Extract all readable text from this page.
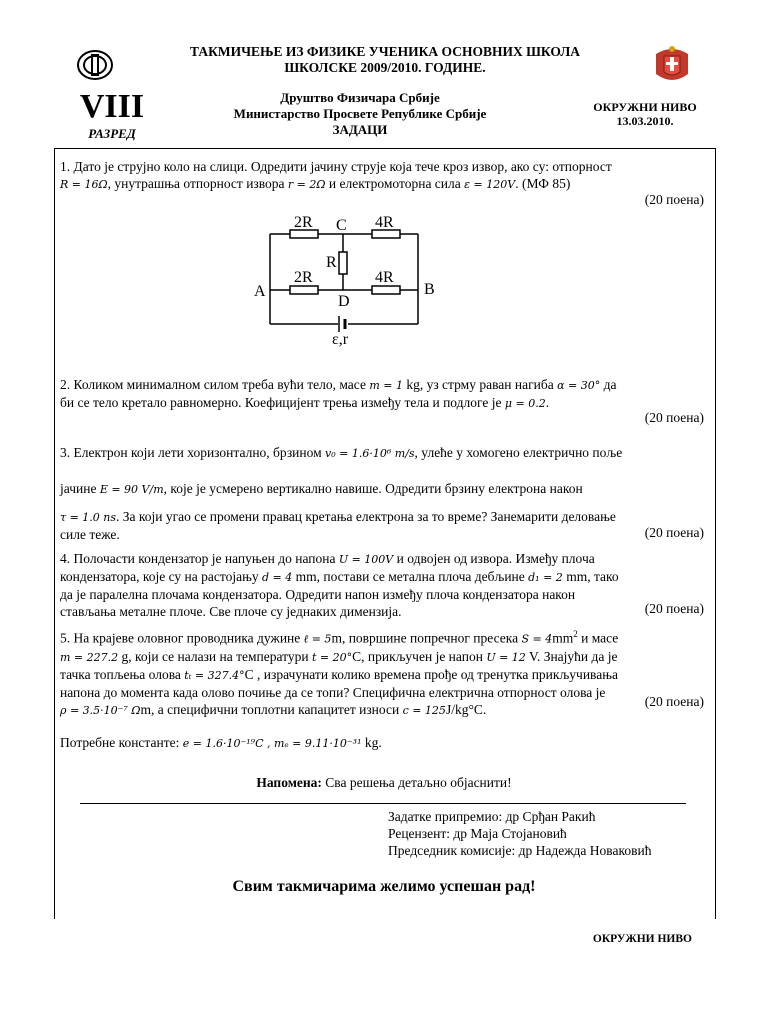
ТАКМИЧЕЊЕ ИЗ ФИЗИКЕ УЧЕНИКА ОСНОВНИХ ШКОЛА
ШКОЛСКЕ 2009/2010. ГОДИНЕ.
VIII
РАЗРЕД
Друштво Физичара Србије
Министарство Просвете Републике Србије
ЗАДАЦИ
ОКРУЖНИ НИВО
13.03.2010.
1. Дато је струјно коло на слици. Одредити јачину струје која тече кроз извор, ако су: отпорност
R = 16Ω, унутрашња отпорност извора r = 2Ω и електромоторна сила ε = 120V. (МФ 85)
(20 поена)
2R	4R
R
2R	4R
C
D
A	B
ε,r
2. Коликом минималном силом треба вући тело, масе m = 1 kg, уз стрму раван нагиба α = 30° да
би се тело кретало равномерно. Коефицијент трења између тела и подлоге је μ = 0.2.
(20 поена)
3. Електрон који лети хоризонтално, брзином v₀ = 1.6·10⁶ m/s, улеће у хомогено електрично поље
јачине E = 90 V/m, које је усмерено вертикално навише. Одредити брзину електрона након
τ = 1.0 ns. За који угао се промени правац кретања електрона за то време? Занемарити деловање
силе теже.	(20 поена)
4. Полочасти кондензатор је напуњен до напона U = 100V и одвојен од извора. Између плоча
кондензатора, које су на растојању d = 4 mm, постави се метална плоча дебљине d₁ = 2 mm, тако
да је паралелна плочама кондензатора. Одредити напон између плоча кондензатора након
стављања металне плоче. Све плоче су једнаких димензија.	(20 поена)
5. На крајеве оловног проводника дужине ℓ = 5m, површине попречног пресека $S = 4mm^2$ и масе
m = 227.2 g, који се налази на температури t = 20°C, прикључен је напон U = 12 V. Знајући да је
тачка топљења олова tₜ = 327.4°C , израчунати колико времена прође од тренутка прикључивања
напона до момента када олово почиње да се топи? Специфична електрична отпорност олова је
ρ = 3.5·10⁻⁷ Ωm, а специфични топлотни капацитет износи c = 125J/kg°C.	(20 поена)
Потребне константе: e = 1.6·10⁻¹⁹C , mₑ = 9.11·10⁻³¹ kg.
Напомена: Сва решења детаљно објаснити!
Задатке припремио: др Срђан Ракић
Рецензент: др Маја Стојановић
Председник комисије: др Надежда Новаковић
Свим такмичарима желимо успешан рад!
ОКРУЖНИ НИВО
